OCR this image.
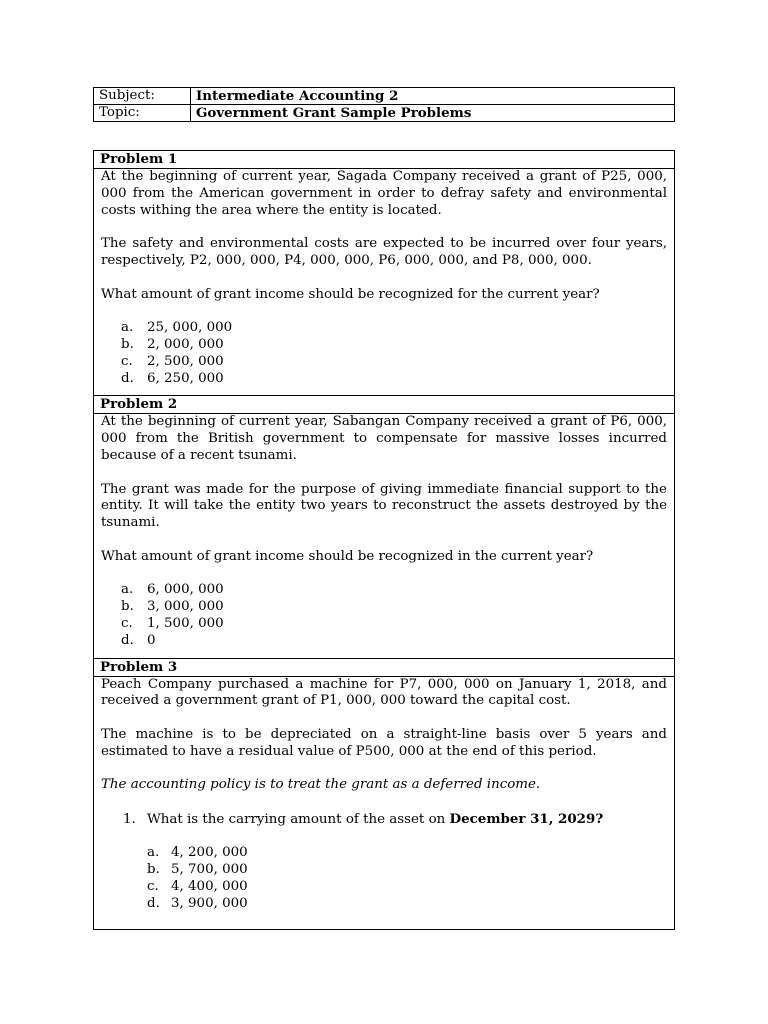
Subject:	Intermediate Accounting 2
Topic:	Government Grant Sample Problems
Problem 1

At the beginning of current year, Sagada Company received a grant of P25, 000, 000 from the American government in order to defray safety and environmental costs withing the area where the entity is located.

The safety and environmental costs are expected to be incurred over four years, respectively, P2, 000, 000, P4, 000, 000, P6, 000, 000, and P8, 000, 000.

What amount of grant income should be recognized for the current year?

a.	25, 000, 000
b. 2, 000, 000
c.	2, 500, 000
d. 6, 250, 000
Problem 2

At the beginning of current year, Sabangan Company received a grant of P6, 000, 000 from the British government to compensate for massive losses incurred because of a recent tsunami.

The grant was made for the purpose of giving immediate financial support to the entity. It will take the entity two years to reconstruct the assets destroyed by the tsunami.

What amount of grant income should be recognized in the current year?

a.	6, 000, 000
b. 3, 000, 000
c.	1, 500, 000
d. 0
Problem 3

Peach Company purchased a machine for P7, 000, 000 on January 1, 2018, and received a government grant of P1, 000, 000 toward the capital cost.

The machine is to be depreciated on a straight-line basis over 5 years and estimated to have a residual value of P500, 000 at the end of this period.

The accounting policy is to treat the grant as a deferred income.

1. What is the carrying amount of the asset on December 31, 2029?
a. 4, 200, 000
b. 5, 700, 000
c. 4, 400, 000
d. 3, 900, 000
